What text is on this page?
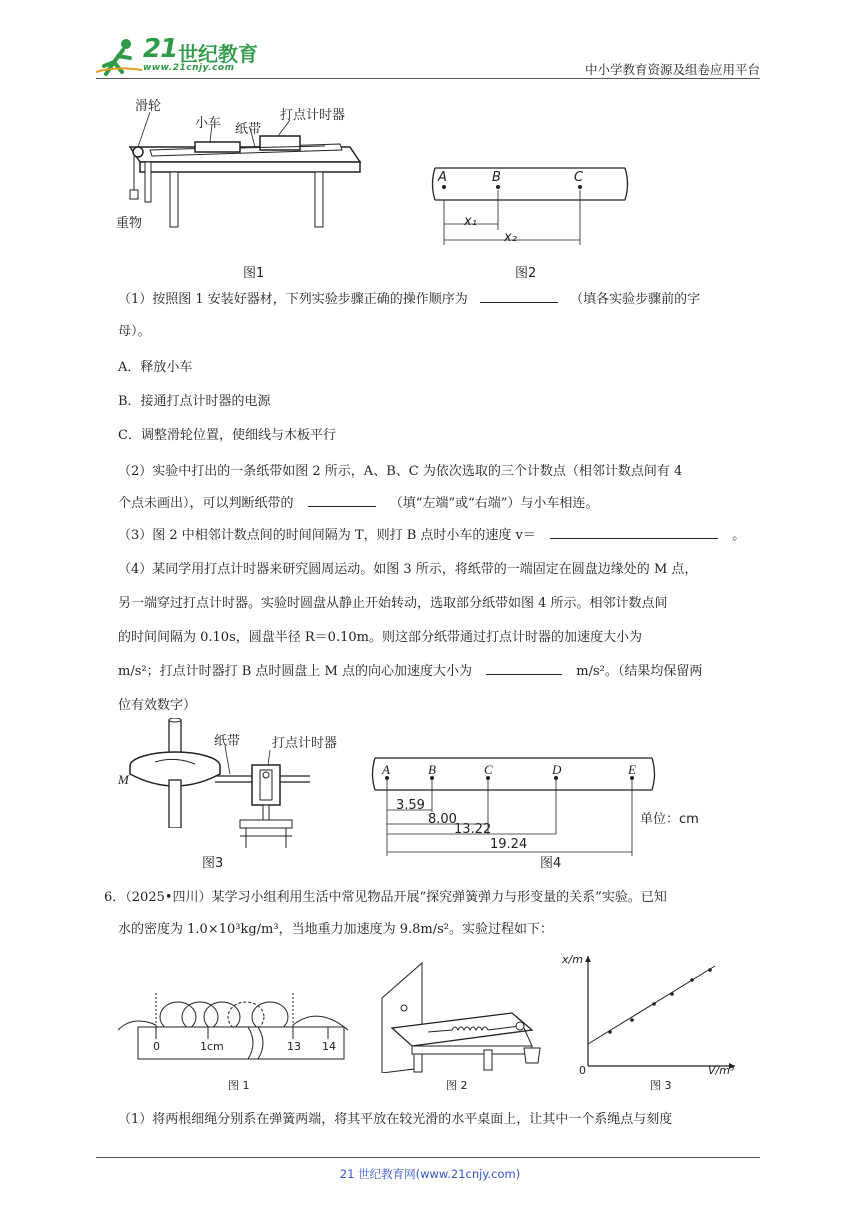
21 世纪教育
www.21cnjy.com	中小学教育资源及组卷应用平台
滑轮
小车 纸带
打点计时器
重物
图1
A	B	C
x₁
x₂
图2
（1）按照图 1 安装好器材，下列实验步骤正确的操作顺序为	（填各实验步骤前的字
母）。
A．释放小车
B．接通打点计时器的电源
C．调整滑轮位置，使细线与木板平行
（2）实验中打出的一条纸带如图 2 所示，A、B、C 为依次选取的三个计数点（相邻计数点间有 4
个点未画出），可以判断纸带的	（填“左端”或“右端”）与小车相连。
（3）图 2 中相邻计数点间的时间间隔为 T，则打 B 点时小车的速度 v＝	。
（4）某同学用打点计时器来研究圆周运动。如图 3 所示，将纸带的一端固定在圆盘边缘处的 M 点，
另一端穿过打点计时器。实验时圆盘从静止开始转动，选取部分纸带如图 4 所示。相邻计数点间
的时间间隔为 0.10s，圆盘半径 R＝0.10m。则这部分纸带通过打点计时器的加速度大小为
m/s²；打点计时器打 B 点时圆盘上 M 点的向心加速度大小为	m/s²。（结果均保留两
位有效数字）
纸带 打点计时器
M
图3
A	B	C	D	E
3.59
8.00
13.22
19.24
单位：cm
图4
6．（2025•四川）某学习小组利用生活中常见物品开展“探究弹簧弹力与形变量的关系”实验。已知
水的密度为 1.0×10³kg/m³，当地重力加速度为 9.8m/s²。实验过程如下：
0	1cm	13 14
图 1	图 2
x/m
V/m³
0
图 3
（1）将两根细绳分别系在弹簧两端，将其平放在较光滑的水平桌面上，让其中一个系绳点与刻度
21 世纪教育网(www.21cnjy.com)
